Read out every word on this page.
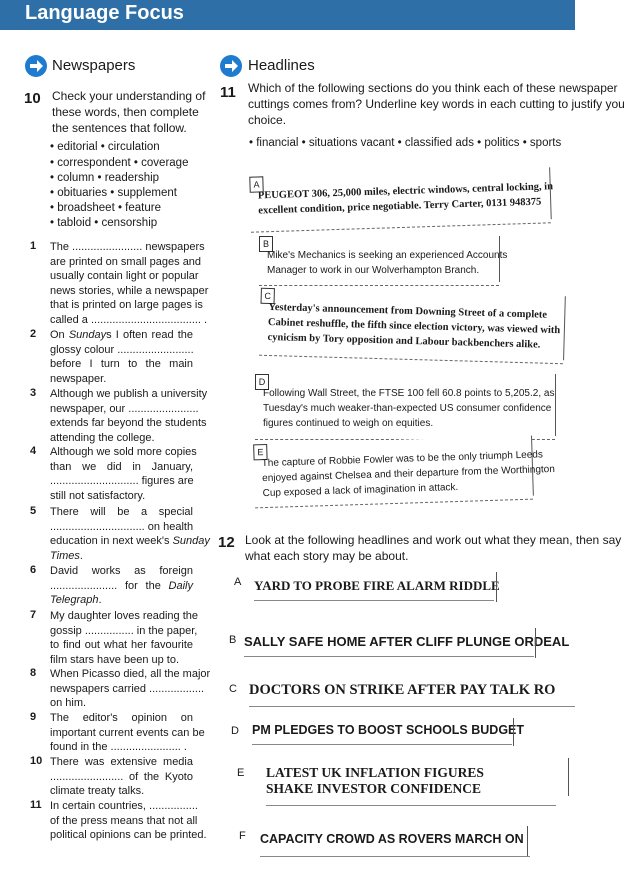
Language Focus
Newspapers
10 Check your understanding of
these words, then complete
the sentences that follow.
• editorial • circulation
• correspondent • coverage
• column • readership
• obituaries • supplement
• broadsheet • feature
• tabloid • censorship
1 The ....................... newspapers
are printed on small pages and
usually contain light or popular
news stories, while a newspaper
that is printed on large pages is
called a .................................... .
2 On Sundays I often read the
glossy colour .........................
before I turn to the main
newspaper.
3 Although we publish a university
newspaper, our .......................
extends far beyond the students
attending the college.
4 Although we sold more copies
than we did in January,
............................. figures are
still not satisfactory.
5 There will be a special
............................... on health
education in next week's Sunday
Times.
6 David works as foreign
...................... for the Daily
Telegraph.
7 My daughter loves reading the
gossip ................ in the paper,
to find out what her favourite
film stars have been up to.
8 When Picasso died, all the major
newspapers carried ..................
on him.
9 The editor's opinion on
important current events can be
found in the ....................... .
10 There was extensive media
........................ of the Kyoto
climate treaty talks.
11 In certain countries, ................
of the press means that not all
political opinions can be printed.
Headlines
11 Which of the following sections do you think each of these newspaper
cuttings comes from? Underline key words in each cutting to justify you
choice.
• financial • situations vacant • classified ads • politics • sports
A
PEUGEOT 306, 25,000 miles, electric windows, central locking, in
excellent condition, price negotiable. Terry Carter, 0131 948375
B
Mike's Mechanics is seeking an experienced Accounts
Manager to work in our Wolverhampton Branch.
C
Yesterday's announcement from Downing Street of a complete
Cabinet reshuffle, the fifth since election victory, was viewed with
cynicism by Tory opposition and Labour backbenchers alike.
D
Following Wall Street, the FTSE 100 fell 60.8 points to 5,205.2, as
Tuesday's much weaker-than-expected US consumer confidence
figures continued to weigh on equities.
E
The capture of Robbie Fowler was to be the only triumph Leeds
enjoyed against Chelsea and their departure from the Worthington
Cup exposed a lack of imagination in attack.
12 Look at the following headlines and work out what they mean, then say
what each story may be about.
A YARD TO PROBE FIRE ALARM RIDDLE
B SALLY SAFE HOME AFTER CLIFF PLUNGE ORDEAL
C DOCTORS ON STRIKE AFTER PAY TALK RO
D PM PLEDGES TO BOOST SCHOOLS BUDGET
E LATEST UK INFLATION FIGURES
SHAKE INVESTOR CONFIDENCE
F CAPACITY CROWD AS ROVERS MARCH ON
